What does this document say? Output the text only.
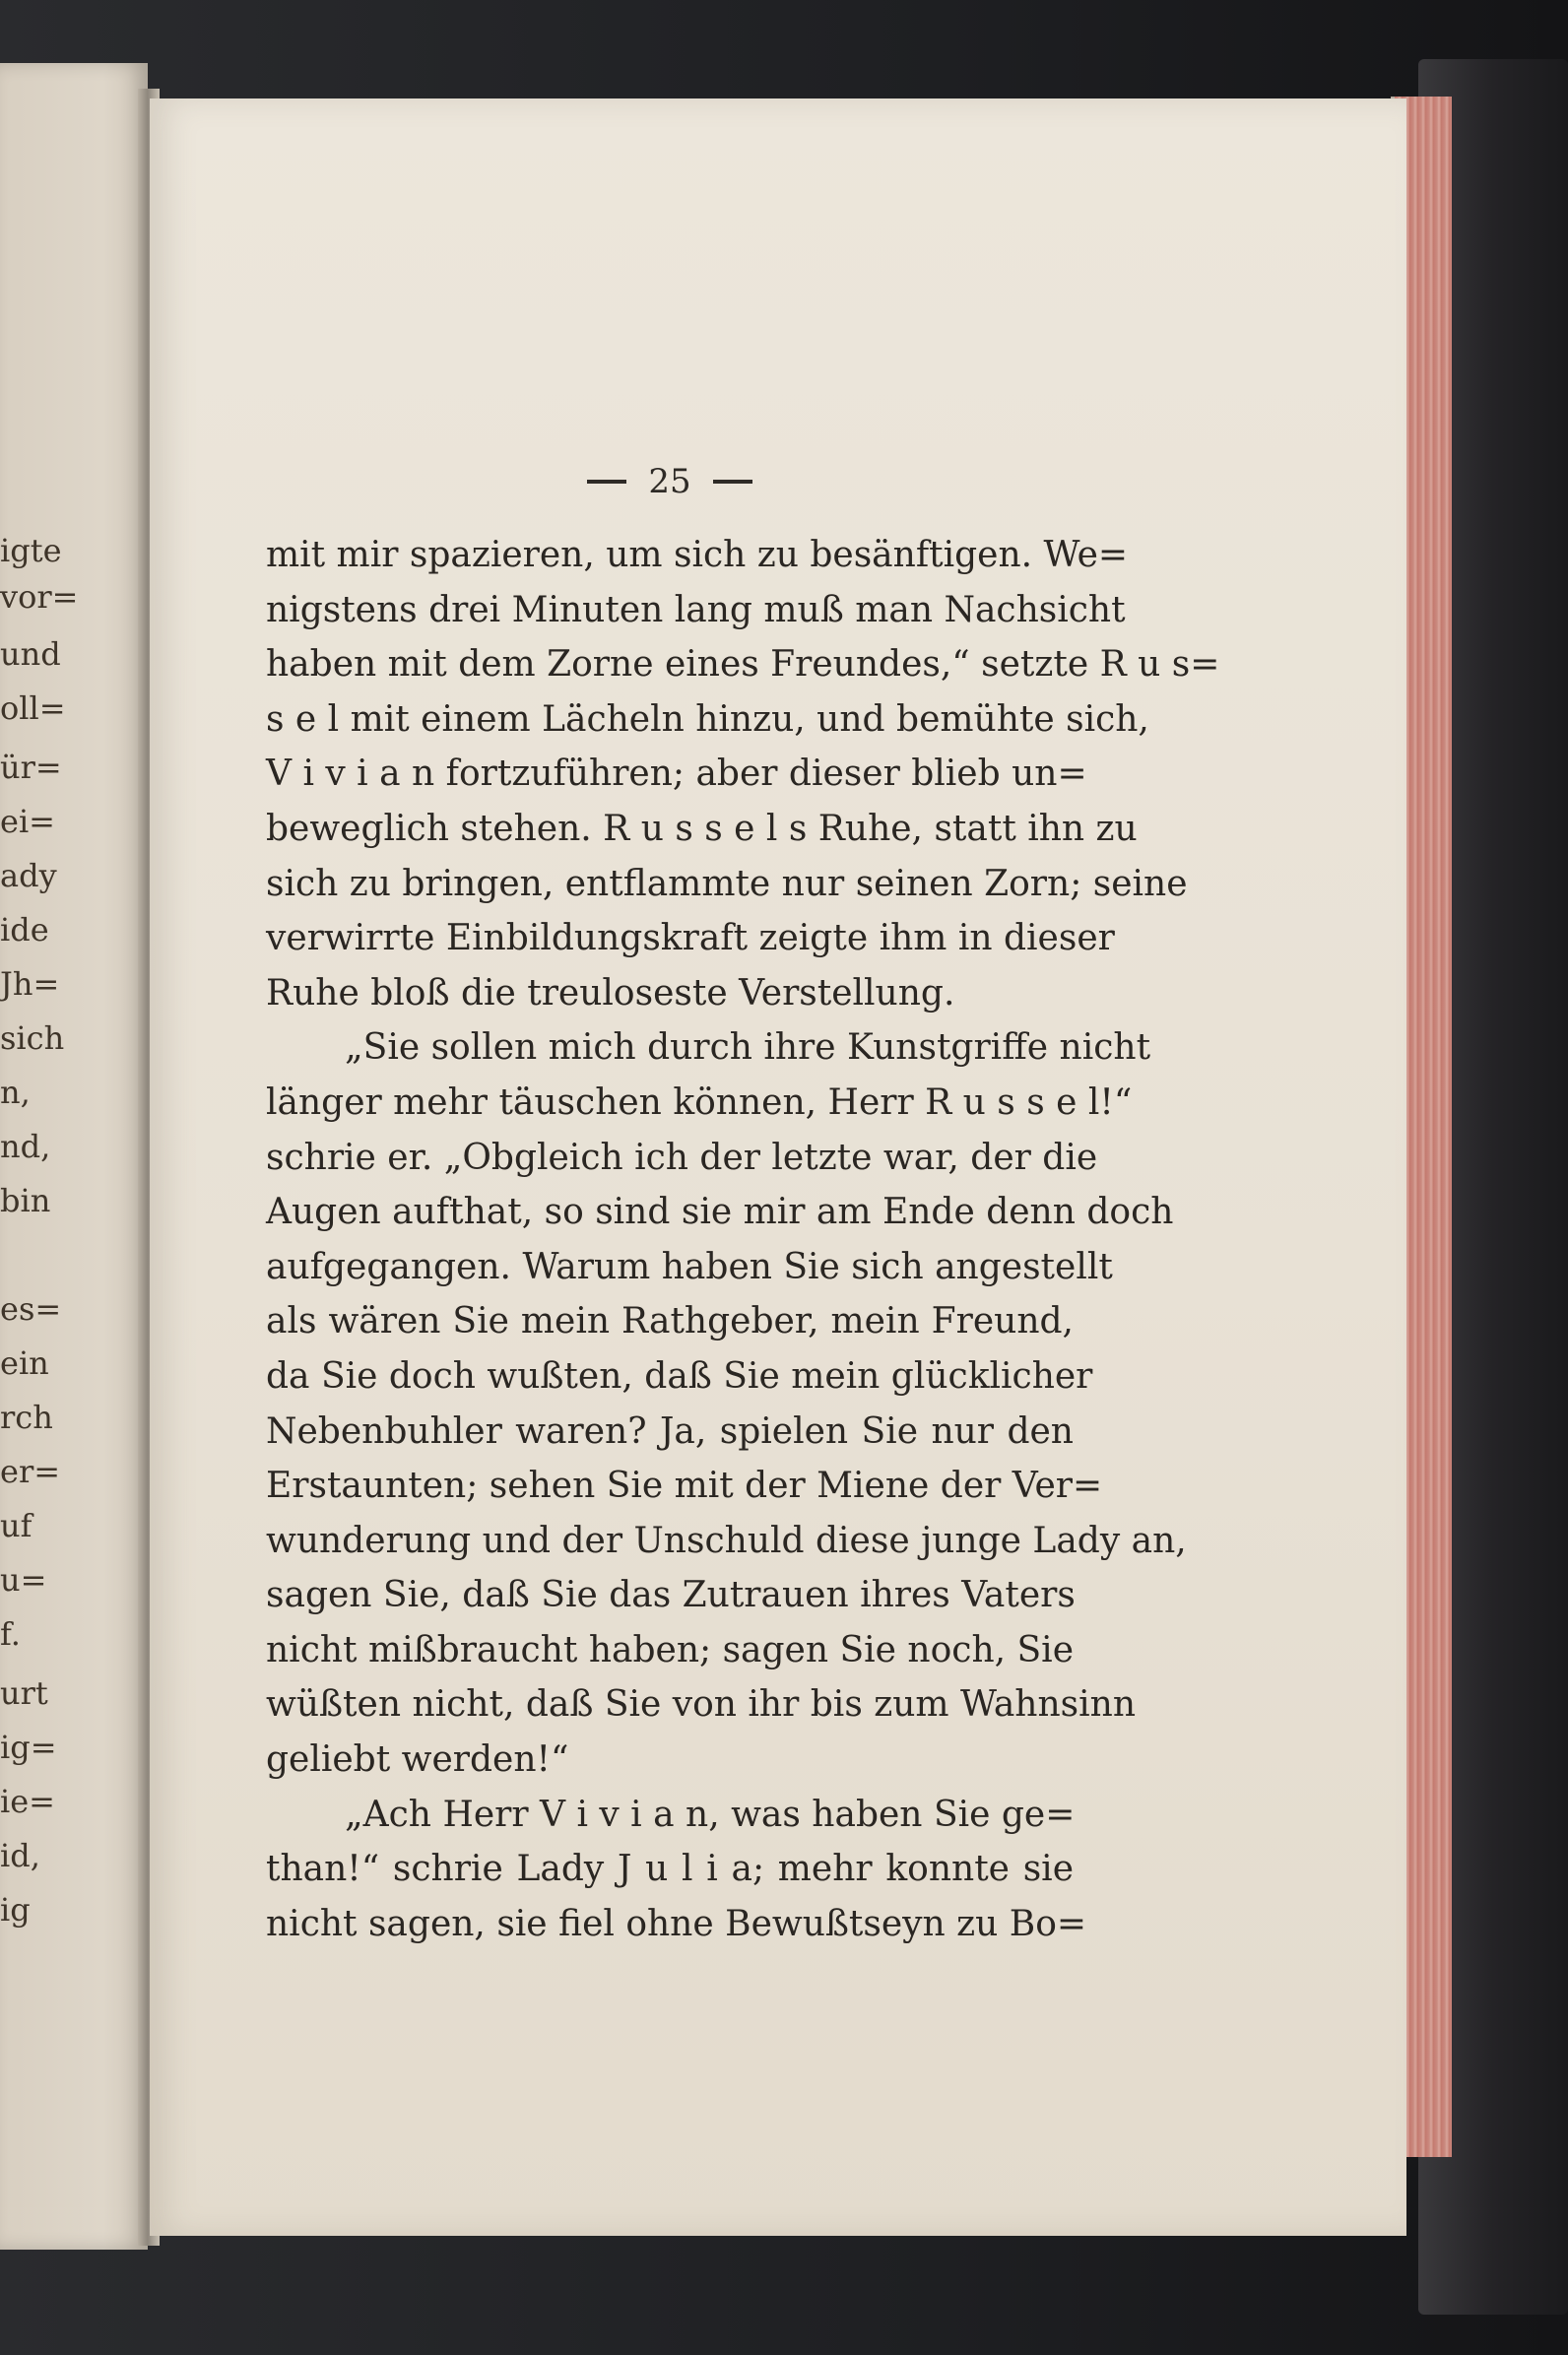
igte
vor=
und
oll=
ür=
ei=
ady
ide
Jh=
sich
n,
nd,
bin
es=
ein
rch
er=
uf
u=
f.
urt
ig=
ie=
id,
ig
25
mit mir spazieren, um sich zu besänftigen. We=
nigstens drei Minuten lang muß man Nachsicht
haben mit dem Zorne eines Freundes,“ setzte R u s=
s e l mit einem Lächeln hinzu, und bemühte sich,
V i v i a n fortzuführen; aber dieser blieb un=
beweglich stehen. R u s s e l s Ruhe, statt ihn zu
sich zu bringen, entflammte nur seinen Zorn; seine
verwirrte Einbildungskraft zeigte ihm in dieser
Ruhe bloß die treuloseste Verstellung.
„Sie sollen mich durch ihre Kunstgriffe nicht
länger mehr täuschen können, Herr R u s s e l!“
schrie er. „Obgleich ich der letzte war, der die
Augen aufthat, so sind sie mir am Ende denn doch
aufgegangen. Warum haben Sie sich angestellt
als wären Sie mein Rathgeber, mein Freund,
da Sie doch wußten, daß Sie mein glücklicher
Nebenbuhler waren? Ja, spielen Sie nur den
Erstaunten; sehen Sie mit der Miene der Ver=
wunderung und der Unschuld diese junge Lady an,
sagen Sie, daß Sie das Zutrauen ihres Vaters
nicht mißbraucht haben; sagen Sie noch, Sie
wüßten nicht, daß Sie von ihr bis zum Wahnsinn
geliebt werden!“
„Ach Herr V i v i a n, was haben Sie ge=
than!“ schrie Lady J u l i a; mehr konnte sie
nicht sagen, sie fiel ohne Bewußtseyn zu Bo=
